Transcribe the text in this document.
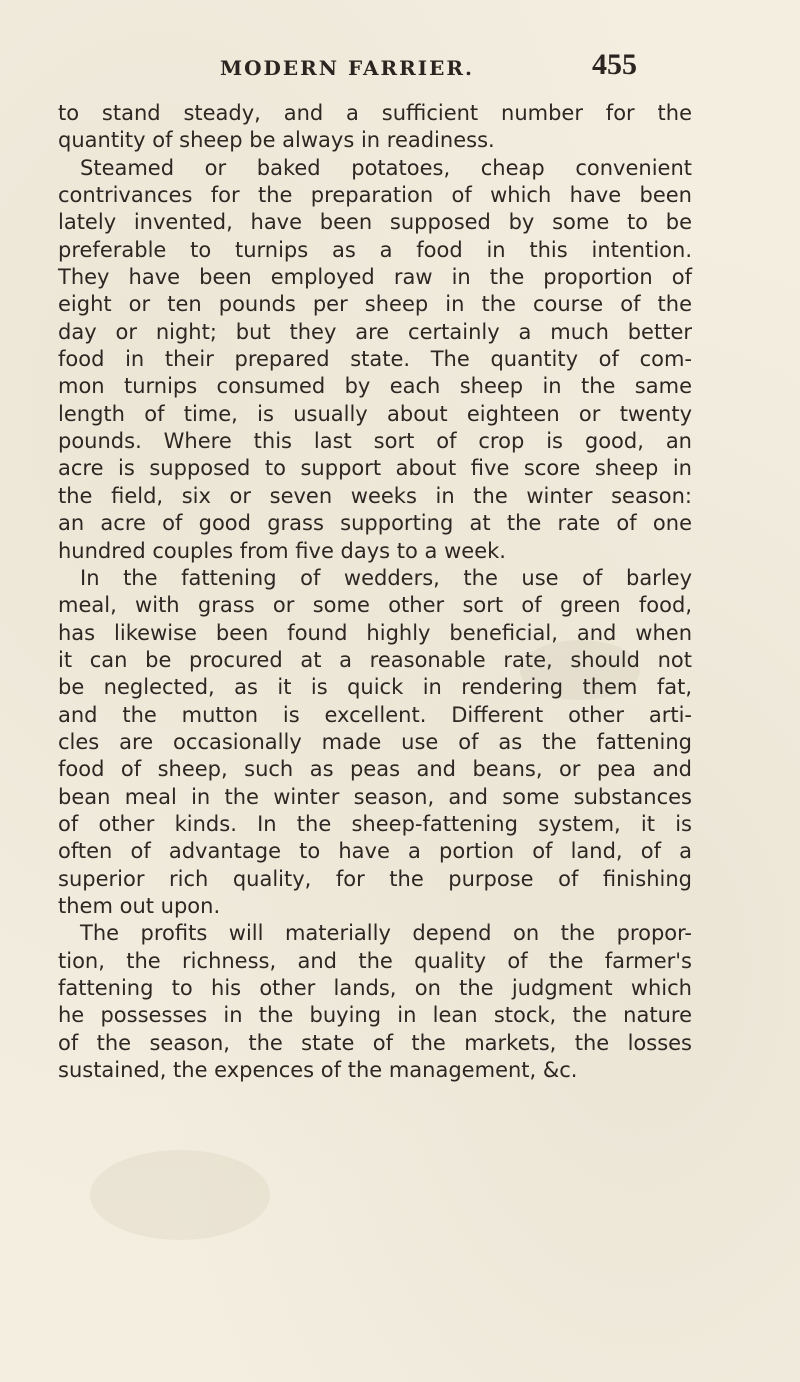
MODERN FARRIER.	455
to stand steady, and a sufficient number for the
quantity of sheep be always in readiness.
Steamed or baked potatoes, cheap convenient
contrivances for the preparation of which have been
lately invented, have been supposed by some to be
preferable to turnips as a food in this intention.
They have been employed raw in the proportion of
eight or ten pounds per sheep in the course of the
day or night; but they are certainly a much better
food in their prepared state. The quantity of com-
mon turnips consumed by each sheep in the same
length of time, is usually about eighteen or twenty
pounds. Where this last sort of crop is good, an
acre is supposed to support about five score sheep in
the field, six or seven weeks in the winter season:
an acre of good grass supporting at the rate of one
hundred couples from five days to a week.
In the fattening of wedders, the use of barley
meal, with grass or some other sort of green food,
has likewise been found highly beneficial, and when
it can be procured at a reasonable rate, should not
be neglected, as it is quick in rendering them fat,
and the mutton is excellent. Different other arti-
cles are occasionally made use of as the fattening
food of sheep, such as peas and beans, or pea and
bean meal in the winter season, and some substances
of other kinds. In the sheep-fattening system, it is
often of advantage to have a portion of land, of a
superior rich quality, for the purpose of finishing
them out upon.
The profits will materially depend on the propor-
tion, the richness, and the quality of the farmer's
fattening to his other lands, on the judgment which
he possesses in the buying in lean stock, the nature
of the season, the state of the markets, the losses
sustained, the expences of the management, &c.
